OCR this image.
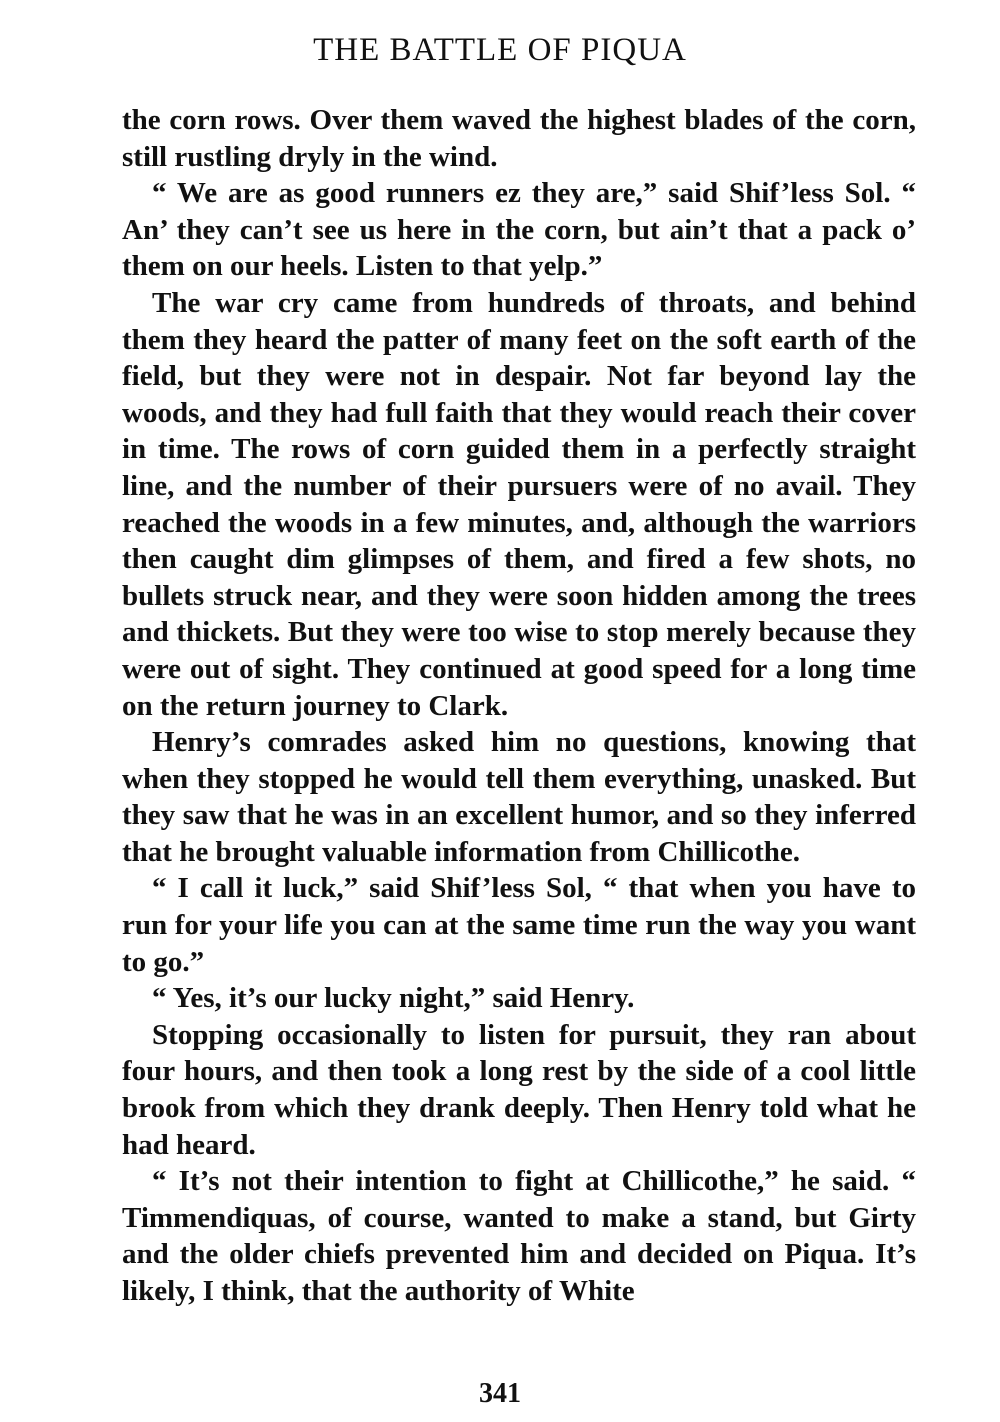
THE BATTLE OF PIQUA

the corn rows. Over them waved the highest blades of the corn, still rustling dryly in the wind.

“ We are as good runners ez they are,” said Shif’less Sol. “ An’ they can’t see us here in the corn, but ain’t that a pack o’ them on our heels. Listen to that yelp.”

The war cry came from hundreds of throats, and behind them they heard the patter of many feet on the soft earth of the field, but they were not in despair. Not far beyond lay the woods, and they had full faith that they would reach their cover in time. The rows of corn guided them in a perfectly straight line, and the number of their pursuers were of no avail. They reached the woods in a few minutes, and, although the warriors then caught dim glimpses of them, and fired a few shots, no bullets struck near, and they were soon hidden among the trees and thickets. But they were too wise to stop merely because they were out of sight. They continued at good speed for a long time on the return journey to Clark.

Henry’s comrades asked him no questions, knowing that when they stopped he would tell them everything, unasked. But they saw that he was in an excellent humor, and so they inferred that he brought valuable information from Chillicothe.

“ I call it luck,” said Shif’less Sol, “ that when you have to run for your life you can at the same time run the way you want to go.”

“ Yes, it’s our lucky night,” said Henry.

Stopping occasionally to listen for pursuit, they ran about four hours, and then took a long rest by the side of a cool little brook from which they drank deeply. Then Henry told what he had heard.

“ It’s not their intention to fight at Chillicothe,” he said. “ Timmendiquas, of course, wanted to make a stand, but Girty and the older chiefs prevented him and decided on Piqua. It’s likely, I think, that the authority of White

341
